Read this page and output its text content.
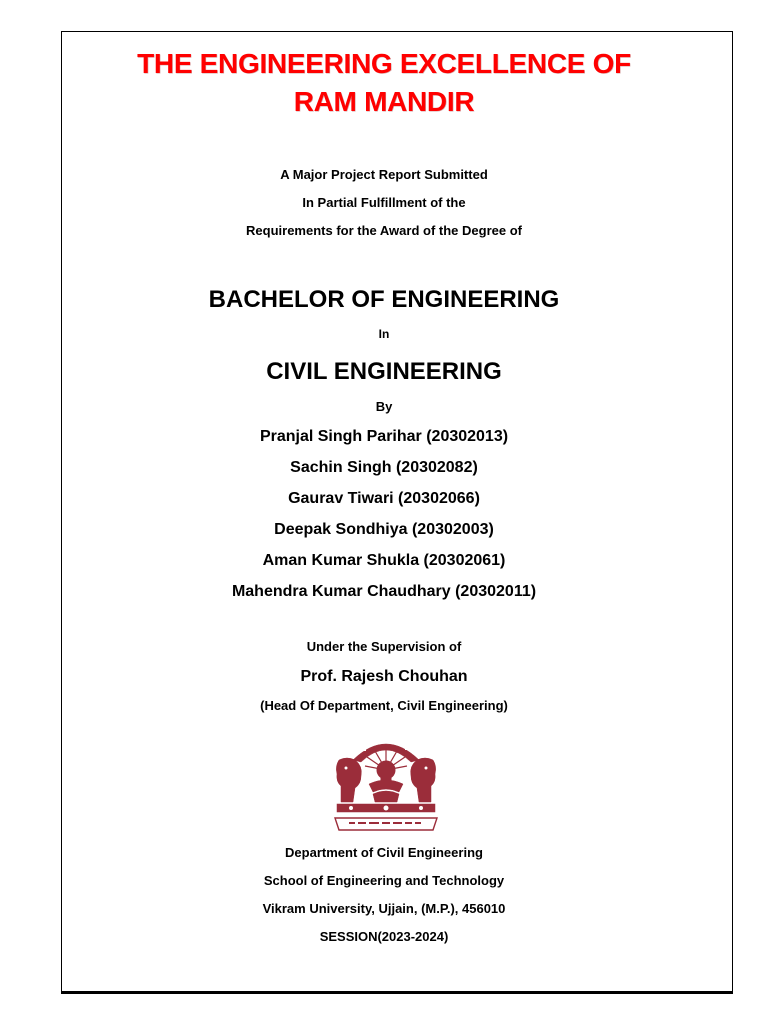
THE ENGINEERING EXCELLENCE OF
RAM MANDIR
A Major Project Report Submitted
In Partial Fulfillment of the
Requirements for the Award of the Degree of
BACHELOR OF ENGINEERING
In
CIVIL ENGINEERING
By
Pranjal Singh Parihar (20302013)
Sachin Singh (20302082)
Gaurav Tiwari (20302066)
Deepak Sondhiya (20302003)
Aman Kumar Shukla (20302061)
Mahendra Kumar Chaudhary (20302011)
Under the Supervision of
Prof. Rajesh Chouhan
(Head Of Department, Civil Engineering)
Department of Civil Engineering
School of Engineering and Technology
Vikram University, Ujjain, (M.P.), 456010
SESSION(2023-2024)
